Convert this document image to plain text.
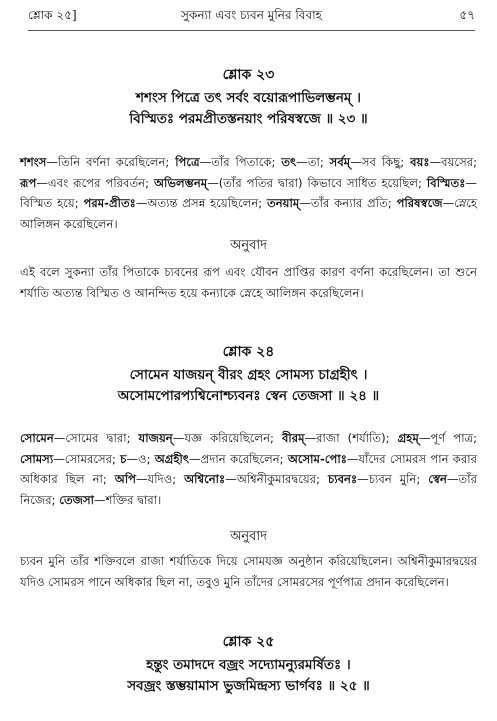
শ্লোক ২৫]	সুকন্যা এবং চ্যবন মুনির বিবাহ	৫৭
শ্লোক ২৩
শশংস পিত্রে তৎ সর্বং বয়োরূপাভিলম্ভনম্‌ ।
বিস্মিতঃ পরমপ্রীতস্তনয়াং পরিষস্বজে ॥ ২৩ ॥
শশংস—তিনি বর্ণনা করেছিলেন; পিত্রে—তাঁর পিতাকে; তৎ—তা; সর্বম্‌—সব কিছু; বয়ঃ—বয়সের; রূপ—এবং রূপের পরিবর্তন; অভিলম্ভনম্‌—(তাঁর পতির দ্বারা) কিভাবে সাধিত হয়েছিল; বিস্মিতঃ—বিস্মিত হয়ে; পরম-প্রীতঃ—অত্যন্ত প্রসন্ন হয়েছিলেন; তনয়াম্‌—তাঁর কন্যার প্রতি; পরিষস্বজে—স্নেহে আলিঙ্গন করেছিলেন।
অনুবাদ
এই বলে সুকন্যা তাঁর পিতাকে চ্যবনের রূপ এবং যৌবন প্রাপ্তির কারণ বর্ণনা করেছিলেন। তা শুনে শর্যাতি অত্যন্ত বিস্মিত ও আনন্দিত হয়ে কন্যাকে স্নেহে আলিঙ্গন করেছিলেন।
শ্লোক ২৪
সোমেন যাজয়ন্‌ বীরং গ্রহং সোমস্য চাগ্রহীৎ ।
অসোমপোরপ্যশ্বিনোশ্চ্যবনঃ স্বেন তেজসা ॥ ২৪ ॥
সোমেন—সোমের দ্বারা; যাজয়ন্‌—যজ্ঞ করিয়েছিলেন; বীরম্‌—রাজা (শর্যাতি); গ্রহম্‌—পূর্ণ পাত্র; সোমস্য—সোমরসের; চ—ও; অগ্রহীৎ—প্রদান করেছিলেন; অসোম-পোঃ—যাঁদের সোমরস পান করার অধিকার ছিল না; অপি—যদিও; অশ্বিনোঃ—অশ্বিনীকুমারদ্বয়ের; চ্যবনঃ—চ্যবন মুনি; স্বেন—তাঁর নিজের; তেজসা—শক্তির দ্বারা।
অনুবাদ
চ্যবন মুনি তাঁর শক্তিবলে রাজা শর্যাতিকে দিয়ে সোমযজ্ঞ অনুষ্ঠান করিয়েছিলেন। অশ্বিনীকুমারদ্বয়ের যদিও সোমরস পানে অধিকার ছিল না, তবুও মুনি তাঁদের সোমরসের পূর্ণপাত্র প্রদান করেছিলেন।
শ্লোক ২৫
হন্তুং তমাদদে বজ্রং সদ্যোমন্যুরমর্ষিতঃ ।
সবজ্রং স্তম্ভয়ামাস ভুজমিন্দ্রস্য ভার্গবঃ ॥ ২৫ ॥
